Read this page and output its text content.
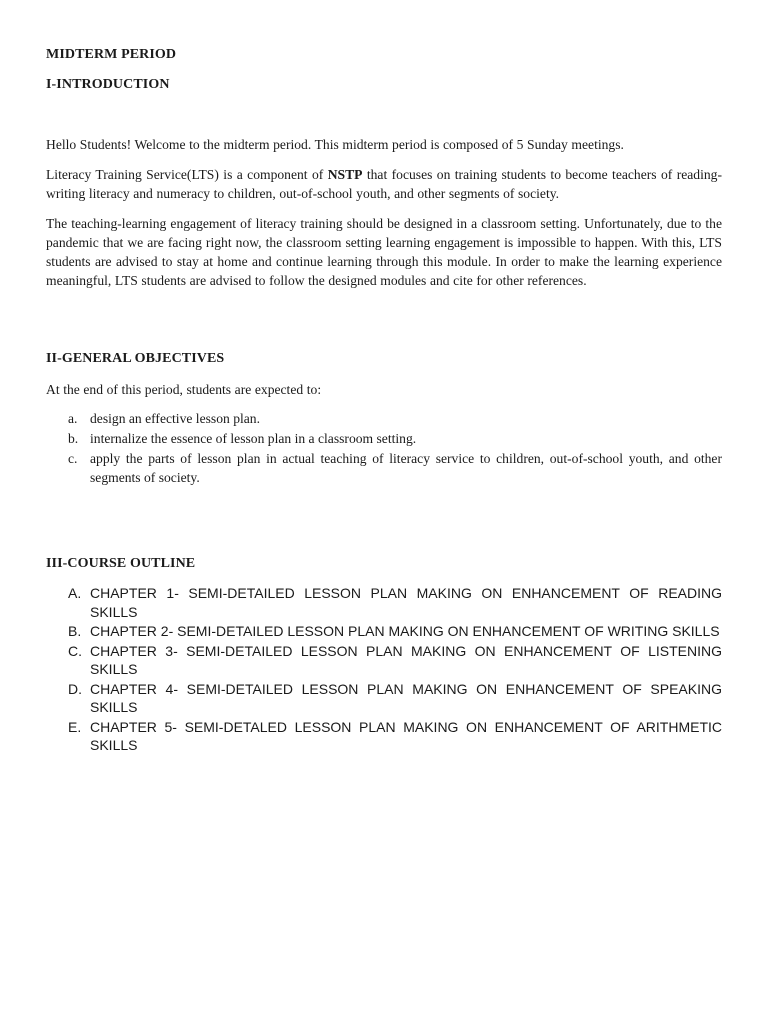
MIDTERM PERIOD
I-INTRODUCTION
Hello Students! Welcome to the midterm period. This midterm period is composed of 5 Sunday meetings.
Literacy Training Service(LTS) is a component of NSTP that focuses on training students to become teachers of reading-writing literacy and numeracy to children, out-of-school youth, and other segments of society.
The teaching-learning engagement of literacy training should be designed in a classroom setting. Unfortunately, due to the pandemic that we are facing right now, the classroom setting learning engagement is impossible to happen. With this, LTS students are advised to stay at home and continue learning through this module. In order to make the learning experience meaningful, LTS students are advised to follow the designed modules and cite for other references.
II-GENERAL OBJECTIVES
At the end of this period, students are expected to:
a. design an effective lesson plan.
b. internalize the essence of lesson plan in a classroom setting.
c. apply the parts of lesson plan in actual teaching of literacy service to children, out-of-school youth, and other segments of society.
III-COURSE OUTLINE
A. CHAPTER 1- SEMI-DETAILED LESSON PLAN MAKING ON ENHANCEMENT OF READING SKILLS
B. CHAPTER 2- SEMI-DETAILED LESSON PLAN MAKING ON ENHANCEMENT OF WRITING SKILLS
C. CHAPTER 3- SEMI-DETAILED LESSON PLAN MAKING ON ENHANCEMENT OF LISTENING SKILLS
D. CHAPTER 4- SEMI-DETAILED LESSON PLAN MAKING ON ENHANCEMENT OF SPEAKING SKILLS
E. CHAPTER 5- SEMI-DETALED LESSON PLAN MAKING ON ENHANCEMENT OF ARITHMETIC SKILLS
